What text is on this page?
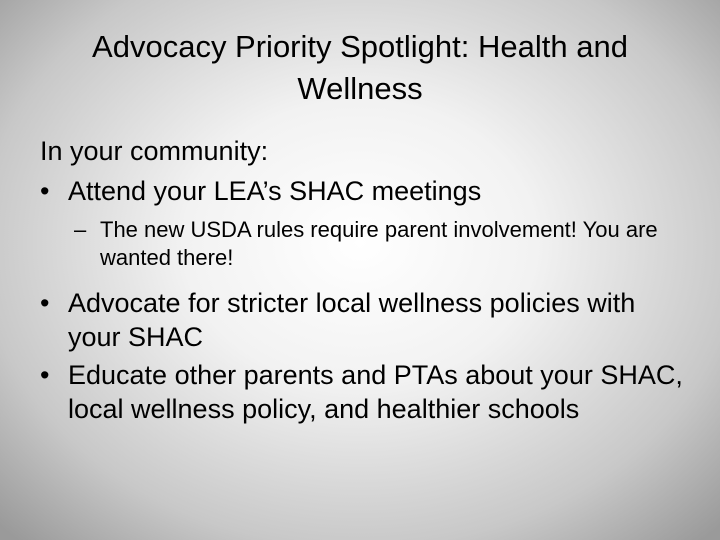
Advocacy Priority Spotlight: Health and Wellness

In your community:

• Attend your LEA’s SHAC meetings
– The new USDA rules require parent involvement! You are wanted there!
• Advocate for stricter local wellness policies with your SHAC
• Educate other parents and PTAs about your SHAC, local wellness policy, and healthier schools
